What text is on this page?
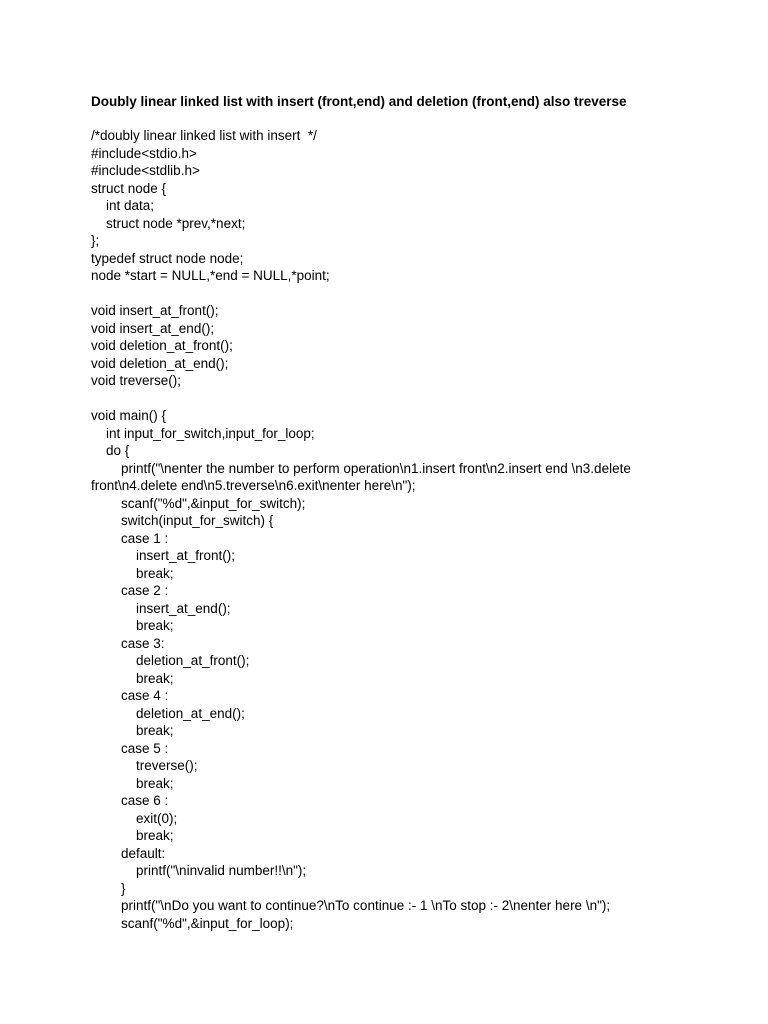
Doubly linear linked list with insert (front,end) and deletion (front,end) also treverse
/*doubly linear linked list with insert  */
#include<stdio.h>
#include<stdlib.h>
struct node {
int data;
struct node *prev,*next;
};
typedef struct node node;
node *start = NULL,*end = NULL,*point;
void insert_at_front();
void insert_at_end();
void deletion_at_front();
void deletion_at_end();
void treverse();
void main() {
int input_for_switch,input_for_loop;
do {
printf("\nenter the number to perform operation\n1.insert front\n2.insert end \n3.delete
front\n4.delete end\n5.treverse\n6.exit\nenter here\n");
scanf("%d",&input_for_switch);
switch(input_for_switch) {
case 1 :
insert_at_front();
break;
case 2 :
insert_at_end();
break;
case 3:
deletion_at_front();
break;
case 4 :
deletion_at_end();
break;
case 5 :
treverse();
break;
case 6 :
exit(0);
break;
default:
printf("\ninvalid number!!\n");
}
printf("\nDo you want to continue?\nTo continue :- 1 \nTo stop :- 2\nenter here \n");
scanf("%d",&input_for_loop);
